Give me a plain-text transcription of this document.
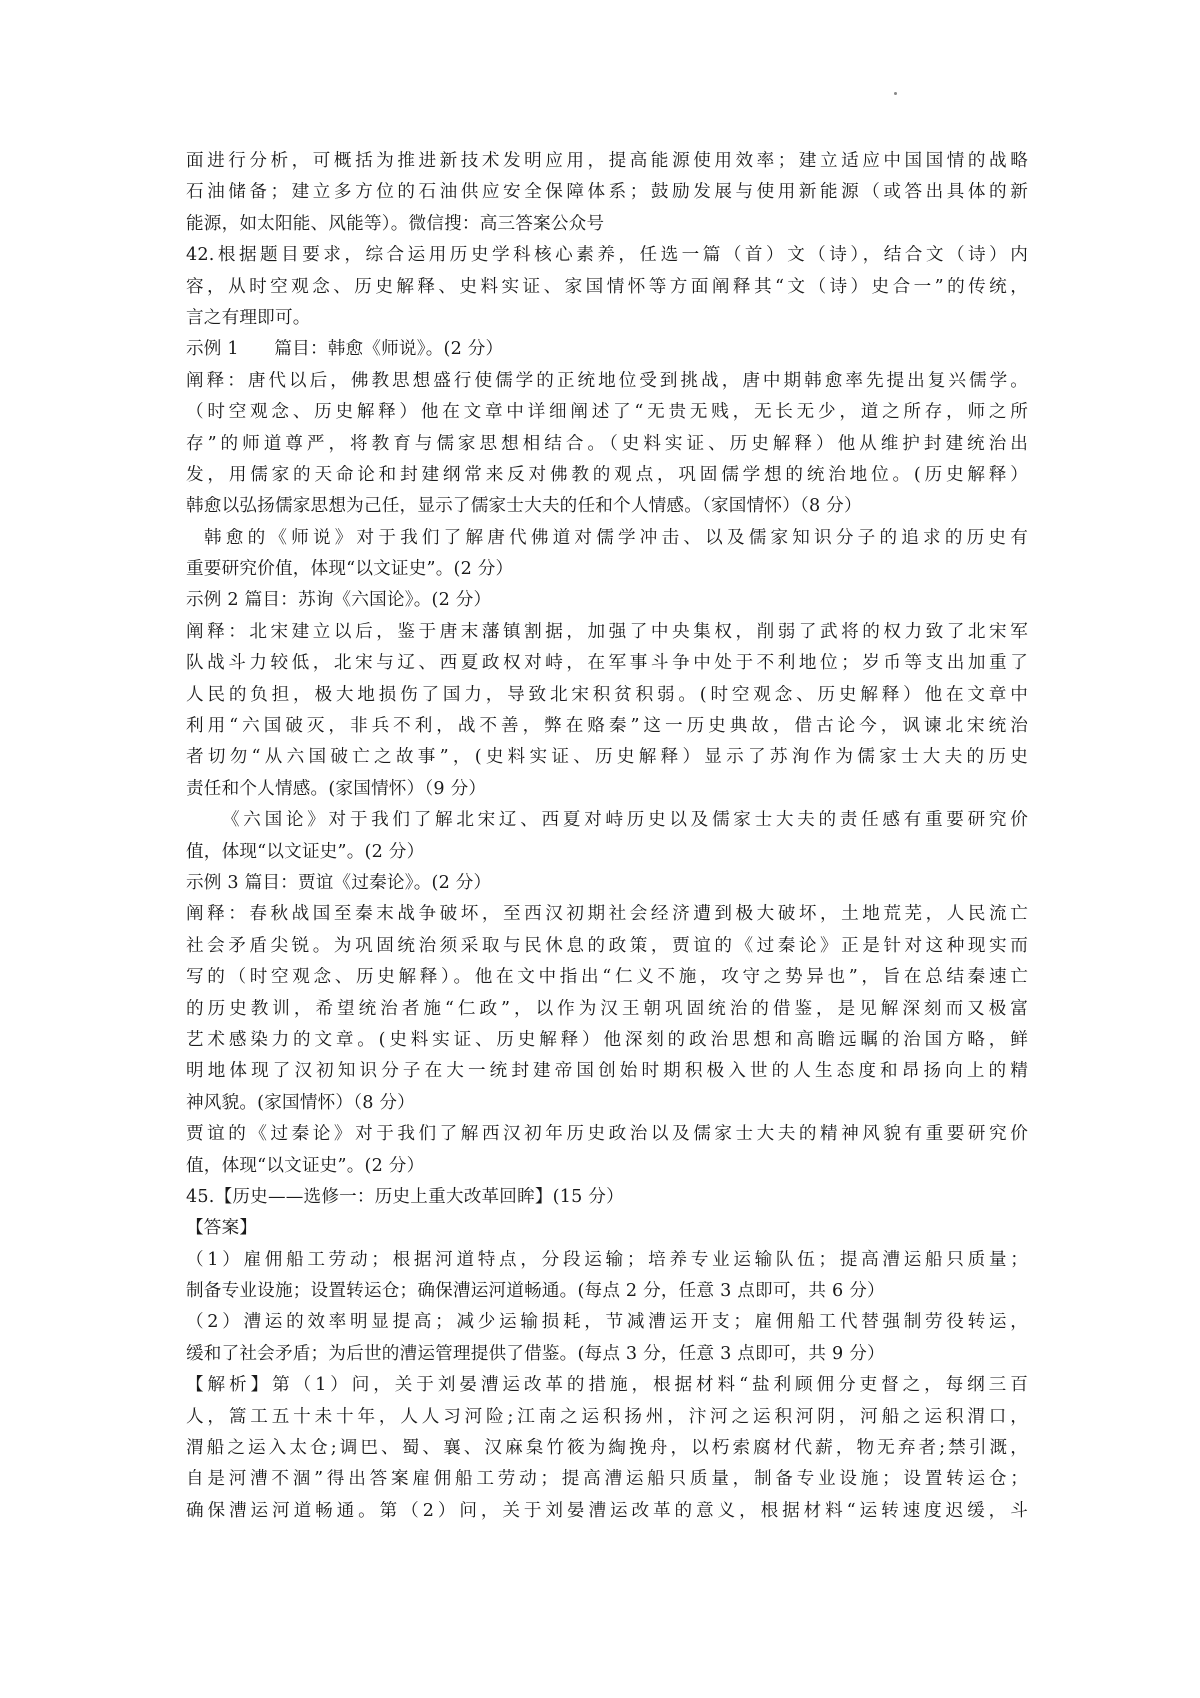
面进行分析，可概括为推进新技术发明应用，提高能源使用效率；建立适应中国国情的战略
石油储备；建立多方位的石油供应安全保障体系；鼓励发展与使用新能源（或答出具体的新
能源，如太阳能、风能等）。微信搜：高三答案公众号
42.根据题目要求，综合运用历史学科核心素养，任选一篇（首）文（诗），结合文（诗）内
容，从时空观念、历史解释、史料实证、家国情怀等方面阐释其“文（诗）史合一”的传统，
言之有理即可。
示例 1　　篇目：韩愈《师说》。(2 分）
阐释：唐代以后，佛教思想盛行使儒学的正统地位受到挑战，唐中期韩愈率先提出复兴儒学。
（时空观念、历史解释）他在文章中详细阐述了“无贵无贱，无长无少，道之所存，师之所
存”的师道尊严，将教育与儒家思想相结合。（史料实证、历史解释）他从维护封建统治出
发，用儒家的天命论和封建纲常来反对佛教的观点，巩固儒学想的统治地位。(历史解释）
韩愈以弘扬儒家思想为己任，显示了儒家士大夫的任和个人情感。（家国情怀）（8 分）
韩愈的《师说》对于我们了解唐代佛道对儒学冲击、以及儒家知识分子的追求的历史有
重要研究价值，体现“以文证史”。(2 分）
示例 2 篇目：苏询《六国论》。(2 分）
阐释：北宋建立以后，鉴于唐末藩镇割据，加强了中央集权，削弱了武将的权力致了北宋军
队战斗力较低，北宋与辽、西夏政权对峙，在军事斗争中处于不利地位；岁币等支出加重了
人民的负担，极大地损伤了国力，导致北宋积贫积弱。(时空观念、历史解释）他在文章中
利用“六国破灭，非兵不利，战不善，弊在赂秦”这一历史典故，借古论今，讽谏北宋统治
者切勿“从六国破亡之故事”，(史料实证、历史解释）显示了苏洵作为儒家士大夫的历史
责任和个人情感。(家国情怀）（9 分）
《六国论》对于我们了解北宋辽、西夏对峙历史以及儒家士大夫的责任感有重要研究价
值，体现“以文证史”。(2 分）
示例 3 篇目：贾谊《过秦论》。(2 分）
阐释：春秋战国至秦末战争破坏，至西汉初期社会经济遭到极大破坏，土地荒芜，人民流亡
社会矛盾尖锐。为巩固统治须采取与民休息的政策，贾谊的《过秦论》正是针对这种现实而
写的（时空观念、历史解释）。他在文中指出“仁义不施，攻守之势异也”，旨在总结秦速亡
的历史教训，希望统治者施“仁政”，以作为汉王朝巩固统治的借鉴，是见解深刻而又极富
艺术感染力的文章。(史料实证、历史解释）他深刻的政治思想和高瞻远瞩的治国方略，鲜
明地体现了汉初知识分子在大一统封建帝国创始时期积极入世的人生态度和昂扬向上的精
神风貌。(家国情怀）（8 分）
贾谊的《过秦论》对于我们了解西汉初年历史政治以及儒家士大夫的精神风貌有重要研究价
值，体现“以文证史”。(2 分）
45.【历史——选修一：历史上重大改革回眸】(15 分）
【答案】
（1）雇佣船工劳动；根据河道特点，分段运输；培养专业运输队伍；提高漕运船只质量；
制备专业设施；设置转运仓；确保漕运河道畅通。(每点 2 分，任意 3 点即可，共 6 分）
（2）漕运的效率明显提高；减少运输损耗，节减漕运开支；雇佣船工代替强制劳役转运，
缓和了社会矛盾；为后世的漕运管理提供了借鉴。(每点 3 分，任意 3 点即可，共 9 分）
【解析】第（1）问，关于刘晏漕运改革的措施，根据材料“盐利顾佣分吏督之，每纲三百
人，篙工五十未十年，人人习河险;江南之运积扬州，汴河之运积河阴，河船之运积渭口，
渭船之运入太仓;调巴、蜀、襄、汉麻枲竹筱为綯挽舟，以朽索腐材代薪，物无弃者;禁引溉，
自是河漕不涸”得出答案雇佣船工劳动；提高漕运船只质量，制备专业设施；设置转运仓；
确保漕运河道畅通。第（2）问，关于刘晏漕运改革的意义，根据材料“运转速度迟缓，斗
